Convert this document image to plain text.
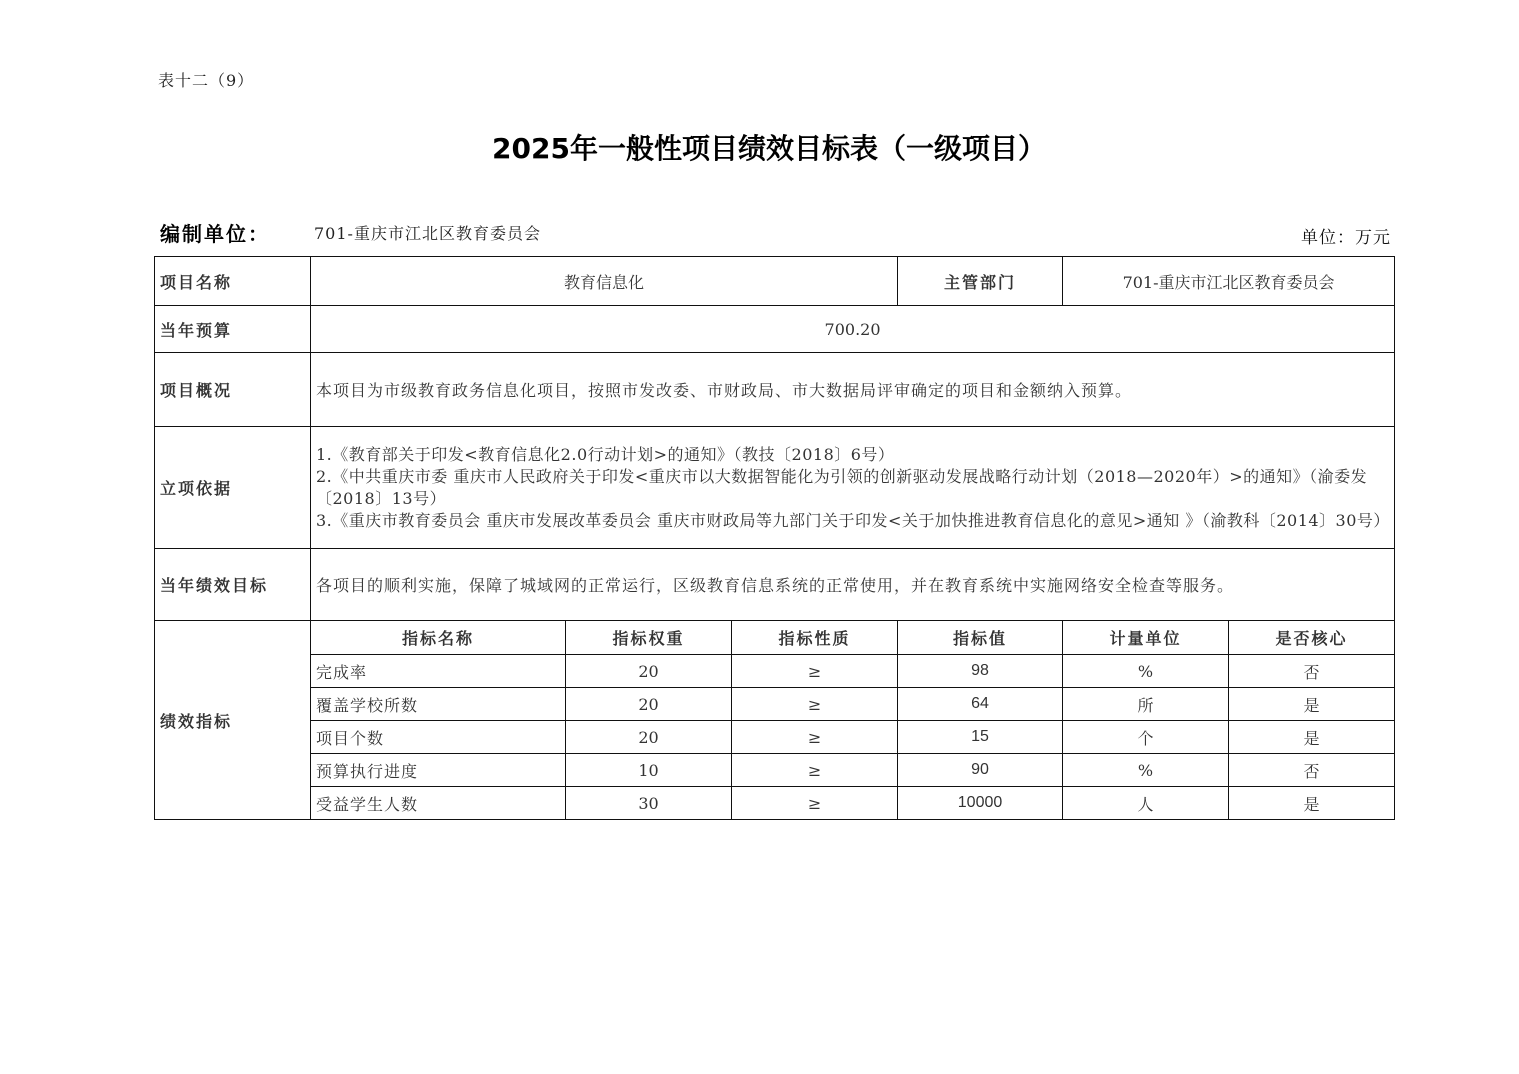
表十二（9）
2025年一般性项目绩效目标表（一级项目）
编制单位：	701-重庆市江北区教育委员会	单位：万元
项目名称	教育信息化			主管部门	701-重庆市江北区教育委员会	
当年预算	700.20					
项目概况	本项目为市级教育政务信息化项目，按照市发改委、市财政局、市大数据局评审确定的项目和金额纳入预算。					
立项依据	1.《教育部关于印发<教育信息化2.0行动计划>的通知》（教技〔2018〕6号）
2.《中共重庆市委 重庆市人民政府关于印发<重庆市以大数据智能化为引领的创新驱动发展战略行动计划（2018—2020年）>的通知》（渝委发〔2018〕13号）
3.《重庆市教育委员会 重庆市发展改革委员会 重庆市财政局等九部门关于印发<关于加快推进教育信息化的意见>通知 》（渝教科〔2014〕30号）					

当年绩效目标	各项目的顺利实施，保障了城域网的正常运行，区级教育信息系统的正常使用，并在教育系统中实施网络安全检查等服务。					
绩效指标	指标名称	指标权重	指标性质	指标值	计量单位	是否核心
	完成率	20	≥	98	%	否
	覆盖学校所数	20	≥	64	所	是
	项目个数	20	≥	15	个	是
	预算执行进度	10	≥	90	%	否
	受益学生人数	30	≥	10000	人	是
